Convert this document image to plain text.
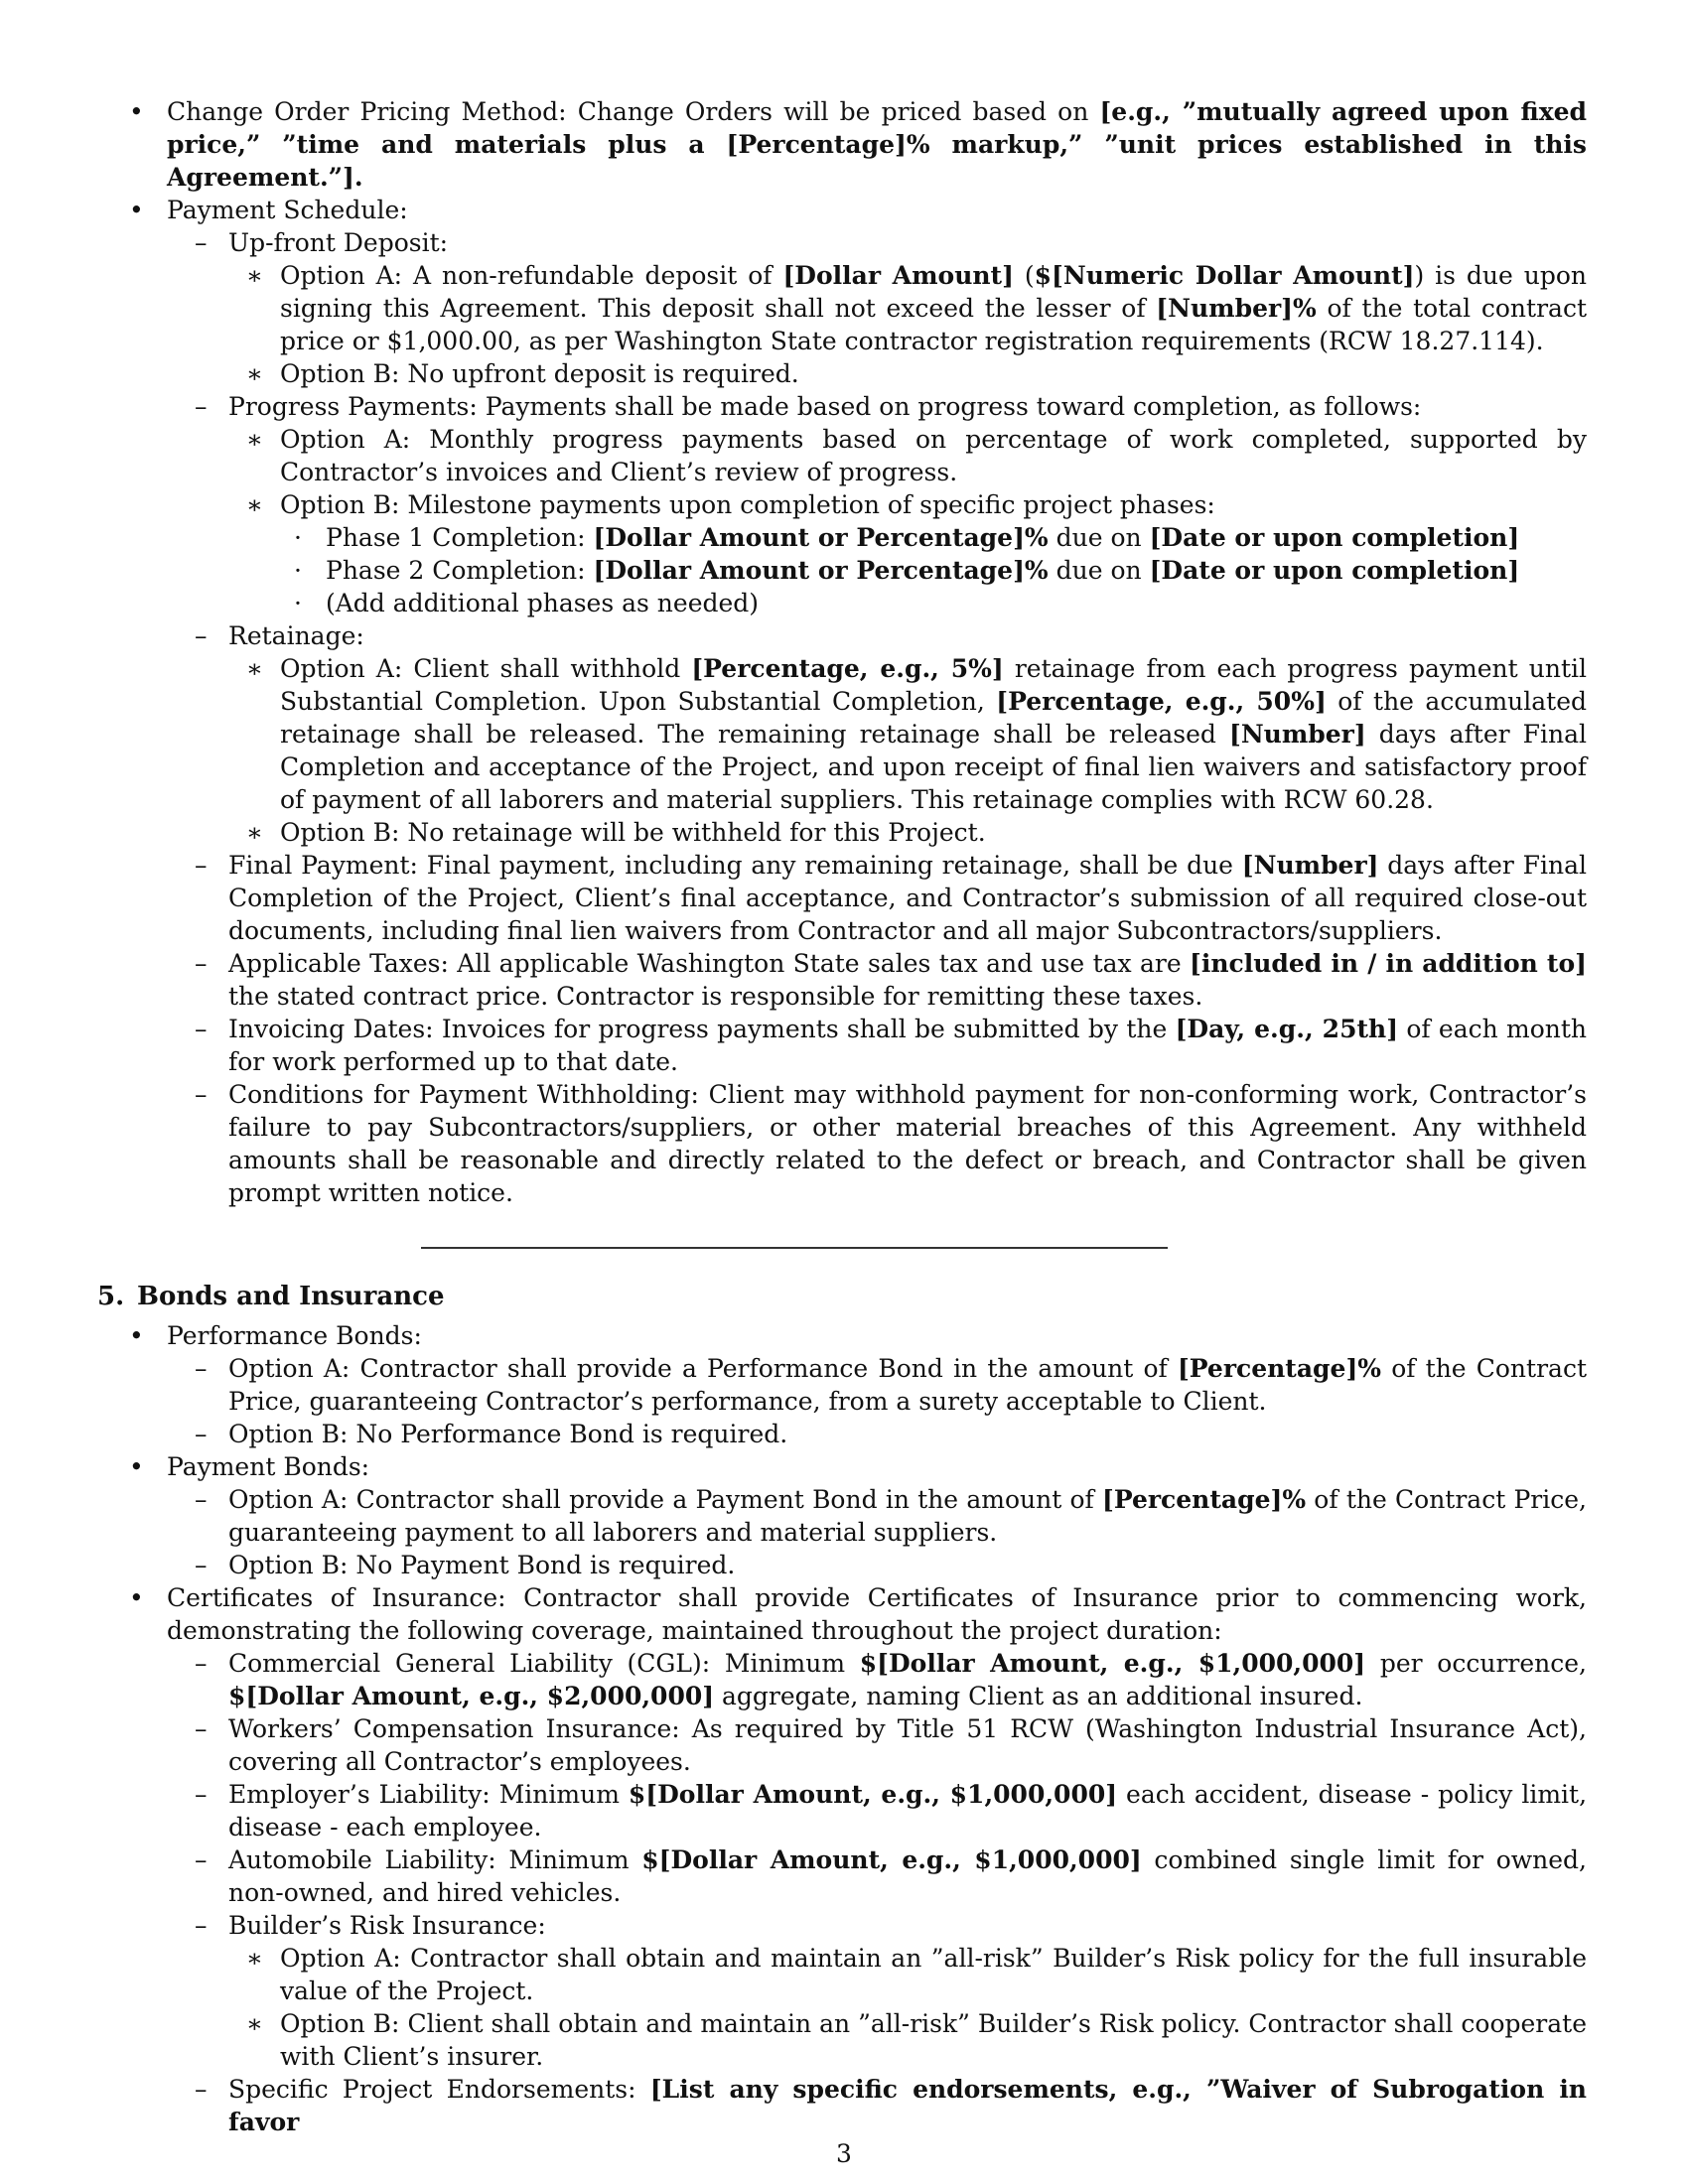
• Change Order Pricing Method: Change Orders will be priced based on [e.g., ”mutually agreed upon fixed price,” ”time and materials plus a [Percentage]% markup,” ”unit prices established in this Agreement.”].

• Payment Schedule:

– Up-front Deposit:

∗ Option A: A non-refundable deposit of [Dollar Amount] ($[Numeric Dollar Amount]) is due upon signing this Agreement. This deposit shall not exceed the lesser of [Number]% of the total contract price or $1,000.00, as per Washington State contractor registration requirements (RCW 18.27.114).

∗ Option B: No upfront deposit is required.

– Progress Payments: Payments shall be made based on progress toward completion, as follows:

∗ Option A: Monthly progress payments based on percentage of work completed, supported by Contractor’s invoices and Client’s review of progress.

∗ Option B: Milestone payments upon completion of specific project phases:

· Phase 1 Completion: [Dollar Amount or Percentage]% due on [Date or upon completion]

· Phase 2 Completion: [Dollar Amount or Percentage]% due on [Date or upon completion]

· (Add additional phases as needed)

– Retainage:

∗ Option A: Client shall withhold [Percentage, e.g., 5%] retainage from each progress payment until Substantial Completion. Upon Substantial Completion, [Percentage, e.g., 50%] of the accumulated retainage shall be released. The remaining retainage shall be released [Number] days after Final Completion and acceptance of the Project, and upon receipt of final lien waivers and satisfactory proof of payment of all laborers and material suppliers. This retainage complies with RCW 60.28.

∗ Option B: No retainage will be withheld for this Project.

– Final Payment: Final payment, including any remaining retainage, shall be due [Number] days after Final Completion of the Project, Client’s final acceptance, and Contractor’s submission of all required close-out documents, including final lien waivers from Contractor and all major Subcontractors/suppliers.

– Applicable Taxes: All applicable Washington State sales tax and use tax are [included in / in addition to] the stated contract price. Contractor is responsible for remitting these taxes.

– Invoicing Dates: Invoices for progress payments shall be submitted by the [Day, e.g., 25th] of each month for work performed up to that date.

– Conditions for Payment Withholding: Client may withhold payment for non-conforming work, Contractor’s failure to pay Subcontractors/suppliers, or other material breaches of this Agreement. Any withheld amounts shall be reasonable and directly related to the defect or breach, and Contractor shall be given prompt written notice.

5. Bonds and Insurance

• Performance Bonds:

– Option A: Contractor shall provide a Performance Bond in the amount of [Percentage]% of the Contract Price, guaranteeing Contractor’s performance, from a surety acceptable to Client.

– Option B: No Performance Bond is required.

• Payment Bonds:

– Option A: Contractor shall provide a Payment Bond in the amount of [Percentage]% of the Contract Price, guaranteeing payment to all laborers and material suppliers.

– Option B: No Payment Bond is required.

• Certificates of Insurance: Contractor shall provide Certificates of Insurance prior to commencing work, demonstrating the following coverage, maintained throughout the project duration:

– Commercial General Liability (CGL): Minimum $[Dollar Amount, e.g., $1,000,000] per occurrence, $[Dollar Amount, e.g., $2,000,000] aggregate, naming Client as an additional insured.

– Workers’ Compensation Insurance: As required by Title 51 RCW (Washington Industrial Insurance Act), covering all Contractor’s employees.

– Employer’s Liability: Minimum $[Dollar Amount, e.g., $1,000,000] each accident, disease - policy limit, disease - each employee.

– Automobile Liability: Minimum $[Dollar Amount, e.g., $1,000,000] combined single limit for owned, non-owned, and hired vehicles.

– Builder’s Risk Insurance:

∗ Option A: Contractor shall obtain and maintain an ”all-risk” Builder’s Risk policy for the full insurable value of the Project.

∗ Option B: Client shall obtain and maintain an ”all-risk” Builder’s Risk policy. Contractor shall cooperate with Client’s insurer.

– Specific Project Endorsements: [List any specific endorsements, e.g., ”Waiver of Subrogation in favor

3
